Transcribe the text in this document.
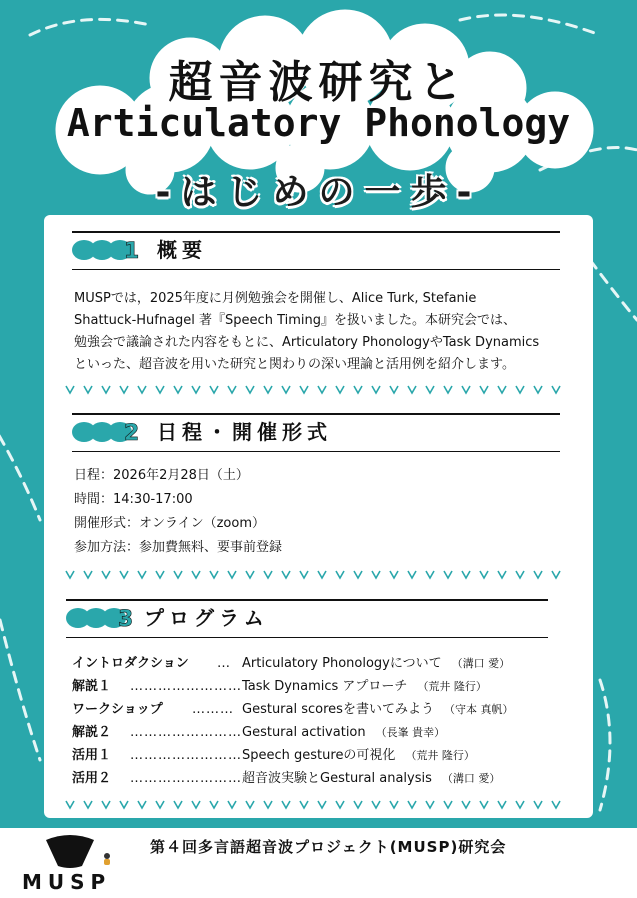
超音波研究と
Articulatory Phonology
-はじめの一歩-
1 概要
MUSPでは，2025年度に月例勉強会を開催し、Alice Turk, Stefanie
Shattuck-Hufnagel 著『Speech Timing』を扱いました。本研究会では、
勉強会で議論された内容をもとに、Articulatory PhonologyやTask Dynamics
といった、超音波を用いた研究と関わりの深い理論と活用例を紹介します。
2 日程・開催形式
日程：2026年2月28日（土）
時間：14:30-17:00
開催形式：オンライン（zoom）
参加方法：参加費無料、要事前登録
3 プログラム
イントロダクション … Articulatory Phonologyについて （溝口 愛）
解説１ …………………… Task Dynamics アプローチ （荒井 隆行）
ワークショップ ……… Gestural scoresを書いてみよう （守本 真帆）
解説２ …………………… Gestural activation （長峯 貴幸）
活用１ …………………… Speech gestureの可視化 （荒井 隆行）
活用２ …………………… 超音波実験とGestural analysis （溝口 愛）
MUSP
第４回多言語超音波プロジェクト(MUSP)研究会
